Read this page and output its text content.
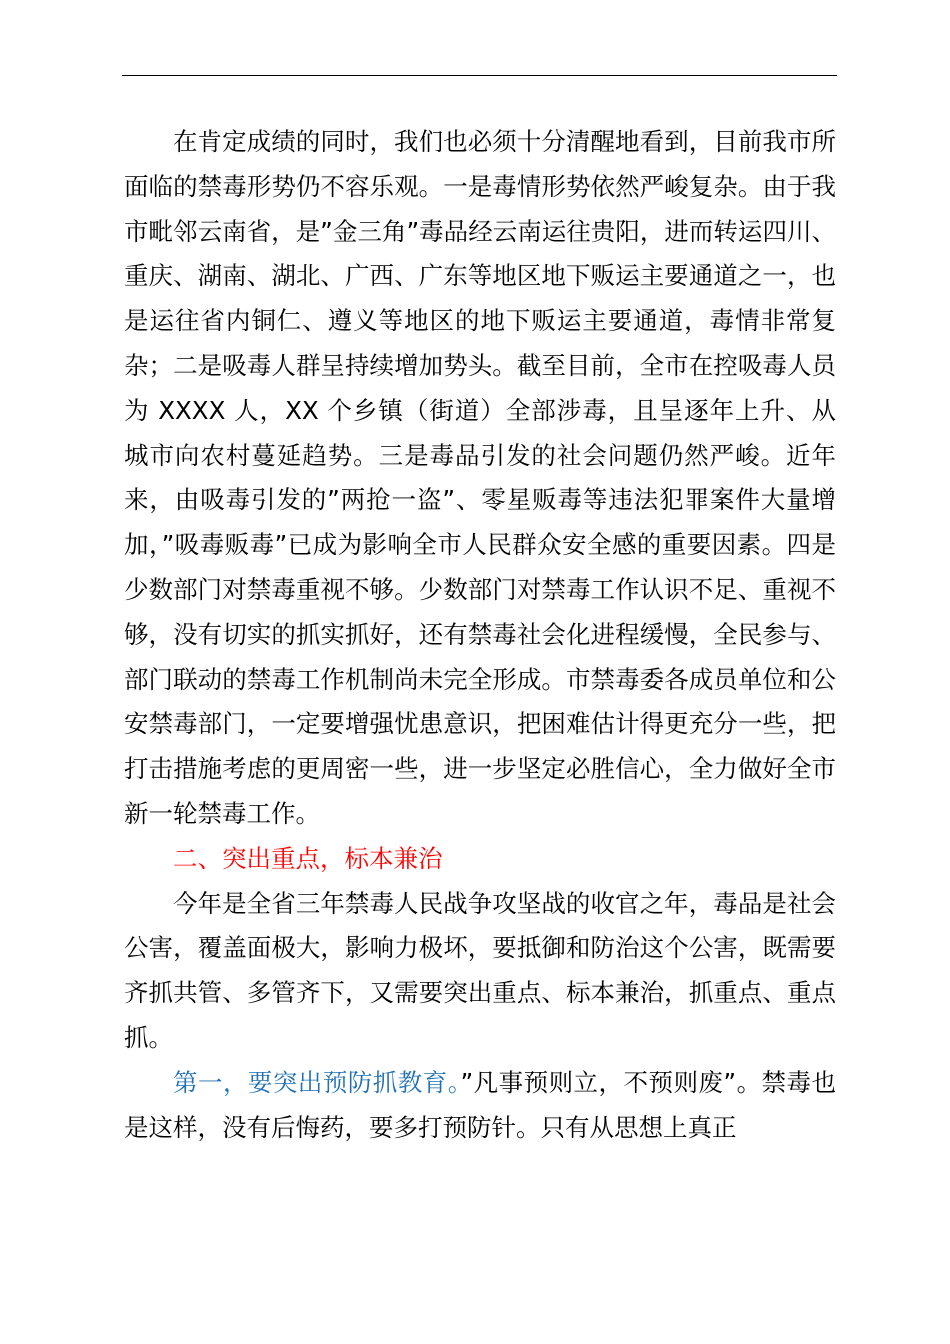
在肯定成绩的同时，我们也必须十分清醒地看到，目前我市所面临的禁毒形势仍不容乐观。一是毒情形势依然严峻复杂。由于我市毗邻云南省，是”金三角”毒品经云南运往贵阳，进而转运四川、重庆、湖南、湖北、广西、广东等地区地下贩运主要通道之一，也是运往省内铜仁、遵义等地区的地下贩运主要通道，毒情非常复杂；二是吸毒人群呈持续增加势头。截至目前，全市在控吸毒人员为 XXXX 人，XX 个乡镇（街道）全部涉毒，且呈逐年上升、从城市向农村蔓延趋势。三是毒品引发的社会问题仍然严峻。近年来，由吸毒引发的”两抢一盗”、零星贩毒等违法犯罪案件大量增加，”吸毒贩毒”已成为影响全市人民群众安全感的重要因素。四是少数部门对禁毒重视不够。少数部门对禁毒工作认识不足、重视不够，没有切实的抓实抓好，还有禁毒社会化进程缓慢，全民参与、部门联动的禁毒工作机制尚未完全形成。市禁毒委各成员单位和公安禁毒部门，一定要增强忧患意识，把困难估计得更充分一些，把打击措施考虑的更周密一些，进一步坚定必胜信心，全力做好全市新一轮禁毒工作。

二、突出重点，标本兼治

今年是全省三年禁毒人民战争攻坚战的收官之年，毒品是社会公害，覆盖面极大，影响力极坏，要抵御和防治这个公害，既需要齐抓共管、多管齐下，又需要突出重点、标本兼治，抓重点、重点抓。

第一，要突出预防抓教育。”凡事预则立，不预则废”。禁毒也是这样，没有后悔药，要多打预防针。只有从思想上真正
